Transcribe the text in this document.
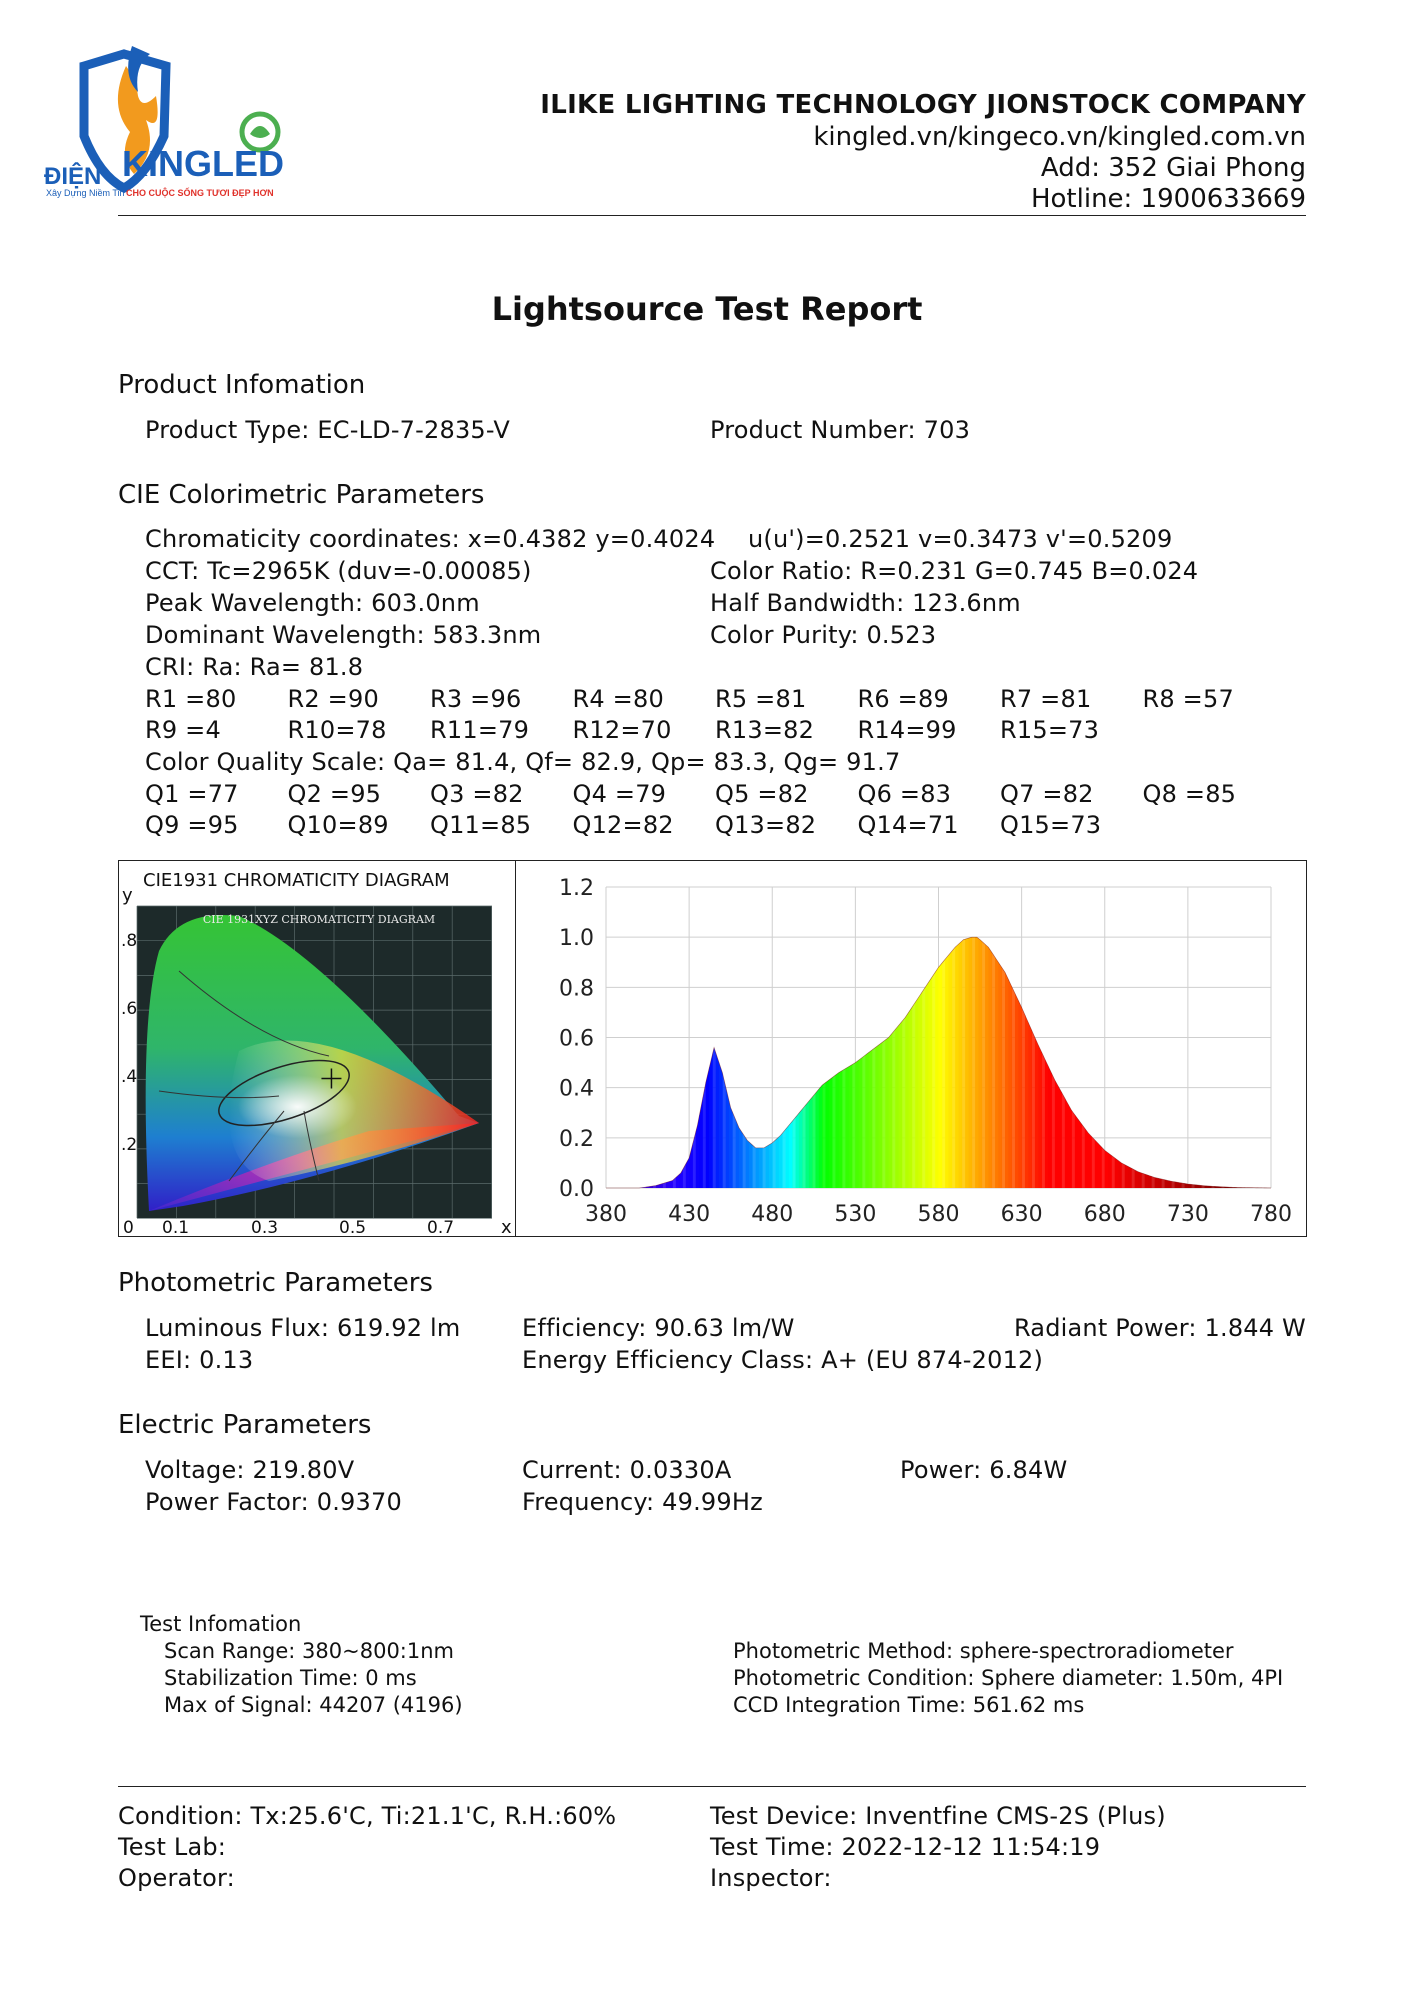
ĐIỆN KINGLED
Xây Dựng Niềm Tin CHO CUỘC SỐNG TƯƠI ĐẸP HƠN
ILIKE LIGHTING TECHNOLOGY JIONSTOCK COMPANY
kingled.vn/kingeco.vn/kingled.com.vn
Add: 352 Giai Phong
Hotline: 1900633669
Lightsource Test Report
Product Infomation
Product Type: EC-LD-7-2835-V	Product Number: 703
CIE Colorimetric Parameters
Chromaticity coordinates: x=0.4382 y=0.4024 u(u')=0.2521 v=0.3473 v'=0.5209
CCT: Tc=2965K (duv=-0.00085)	Color Ratio: R=0.231 G=0.745 B=0.024
Peak Wavelength: 603.0nm	Half Bandwidth: 123.6nm
Dominant Wavelength: 583.3nm	Color Purity: 0.523
CRI: Ra: Ra= 81.8
R1 =80 R2 =90 R3 =96 R4 =80 R5 =81 R6 =89 R7 =81 R8 =57
R9 =4	R10=78 R11=79 R12=70 R13=82 R14=99 R15=73
Color Quality Scale: Qa= 81.4, Qf= 82.9, Qp= 83.3, Qg= 91.7
Q1 =77 Q2 =95 Q3 =82 Q4 =79 Q5 =82 Q6 =83 Q7 =82 Q8 =85
Q9 =95 Q10=89 Q11=85 Q12=82 Q13=82 Q14=71 Q15=73
CIE 1931XYZ CHROMATICITY DIAGRAM
CIE1931 CHROMATICITY DIAGRAM
y
x
.8
.6
.4
.2
0 0.1	0.3	0.5	0.7
0.0
0.2
0.4
0.6
0.8
1.0
1.2
380 430 480 530 580 630 680 730 780
Photometric Parameters
Luminous Flux: 619.92 lm	Efficiency: 90.63 lm/W	Radiant Power: 1.844 W
EEI: 0.13	Energy Efficiency Class: A+ (EU 874-2012)
Electric Parameters
Voltage: 219.80V	Current: 0.0330A	Power: 6.84W
Power Factor: 0.9370	Frequency: 49.99Hz
Test Infomation
Scan Range: 380~800:1nm
Stabilization Time: 0 ms
Max of Signal: 44207 (4196)
Photometric Method: sphere-spectroradiometer
Photometric Condition: Sphere diameter: 1.50m, 4PI
CCD Integration Time: 561.62 ms
Condition: Tx:25.6'C, Ti:21.1'C, R.H.:60%
Test Lab:
Operator:
Test Device: Inventfine CMS-2S (Plus)
Test Time: 2022-12-12 11:54:19
Inspector:
